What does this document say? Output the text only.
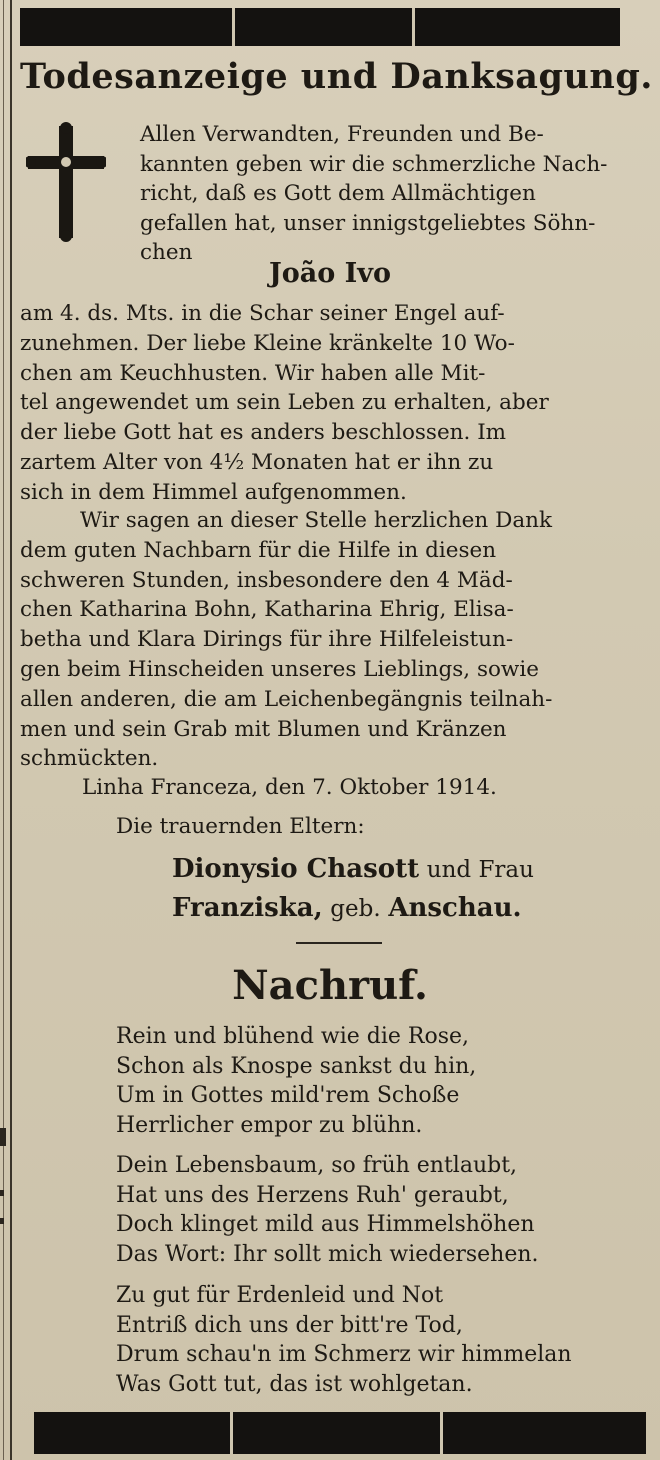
Todesanzeige und Danksagung.
Allen Verwandten, Freunden und Be-
kannten geben wir die schmerzliche Nach-
richt, daß es Gott dem Allmächtigen
gefallen hat, unser innigstgeliebtes Söhn-
chen
João Ivo
am 4. ds. Mts. in die Schar seiner Engel auf-
zunehmen. Der liebe Kleine kränkelte 10 Wo-
chen am Keuchhusten. Wir haben alle Mit-
tel angewendet um sein Leben zu erhalten, aber
der liebe Gott hat es anders beschlossen. Im
zartem Alter von 4½ Monaten hat er ihn zu
sich in dem Himmel aufgenommen.
Wir sagen an dieser Stelle herzlichen Dank
dem guten Nachbarn für die Hilfe in diesen
schweren Stunden, insbesondere den 4 Mäd-
chen Katharina Bohn, Katharina Ehrig, Elisa-
betha und Klara Dirings für ihre Hilfeleistun-
gen beim Hinscheiden unseres Lieblings, sowie
allen anderen, die am Leichenbegängnis teilnah-
men und sein Grab mit Blumen und Kränzen
schmückten.
Linha Franceza, den 7. Oktober 1914.
Die trauernden Eltern:
Dionysio Chasott und Frau
Franziska, geb. Anschau.
Nachruf.
Rein und blühend wie die Rose,
Schon als Knospe sankst du hin,
Um in Gottes mild'rem Schoße
Herrlicher empor zu blühn.
Dein Lebensbaum, so früh entlaubt,
Hat uns des Herzens Ruh' geraubt,
Doch klinget mild aus Himmelshöhen
Das Wort: Ihr sollt mich wiedersehen.
Zu gut für Erdenleid und Not
Entriß dich uns der bitt're Tod,
Drum schau'n im Schmerz wir himmelan
Was Gott tut, das ist wohlgetan.
